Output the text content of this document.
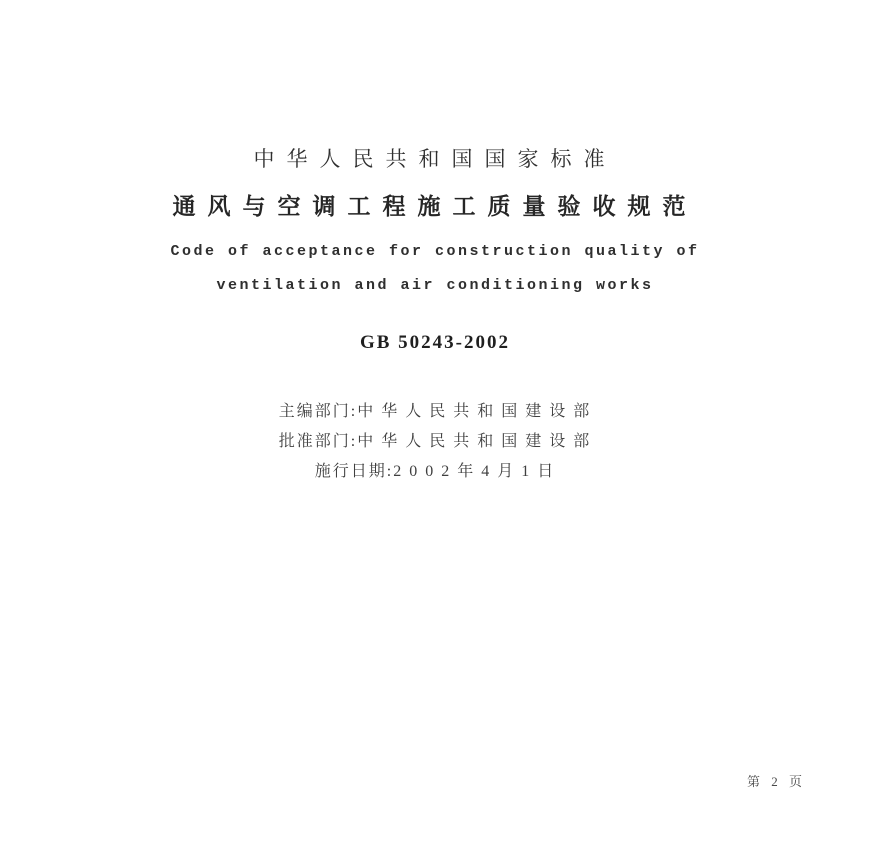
中华人民共和国国家标准
通风与空调工程施工质量验收规范
Code of acceptance for construction quality of
ventilation and air conditioning works
GB 50243-2002
主编部门:中 华 人 民 共 和 国 建 设 部
批准部门:中 华 人 民 共 和 国 建 设 部
施行日期:2 0 0 2 年 4 月 1 日
第 2 页
